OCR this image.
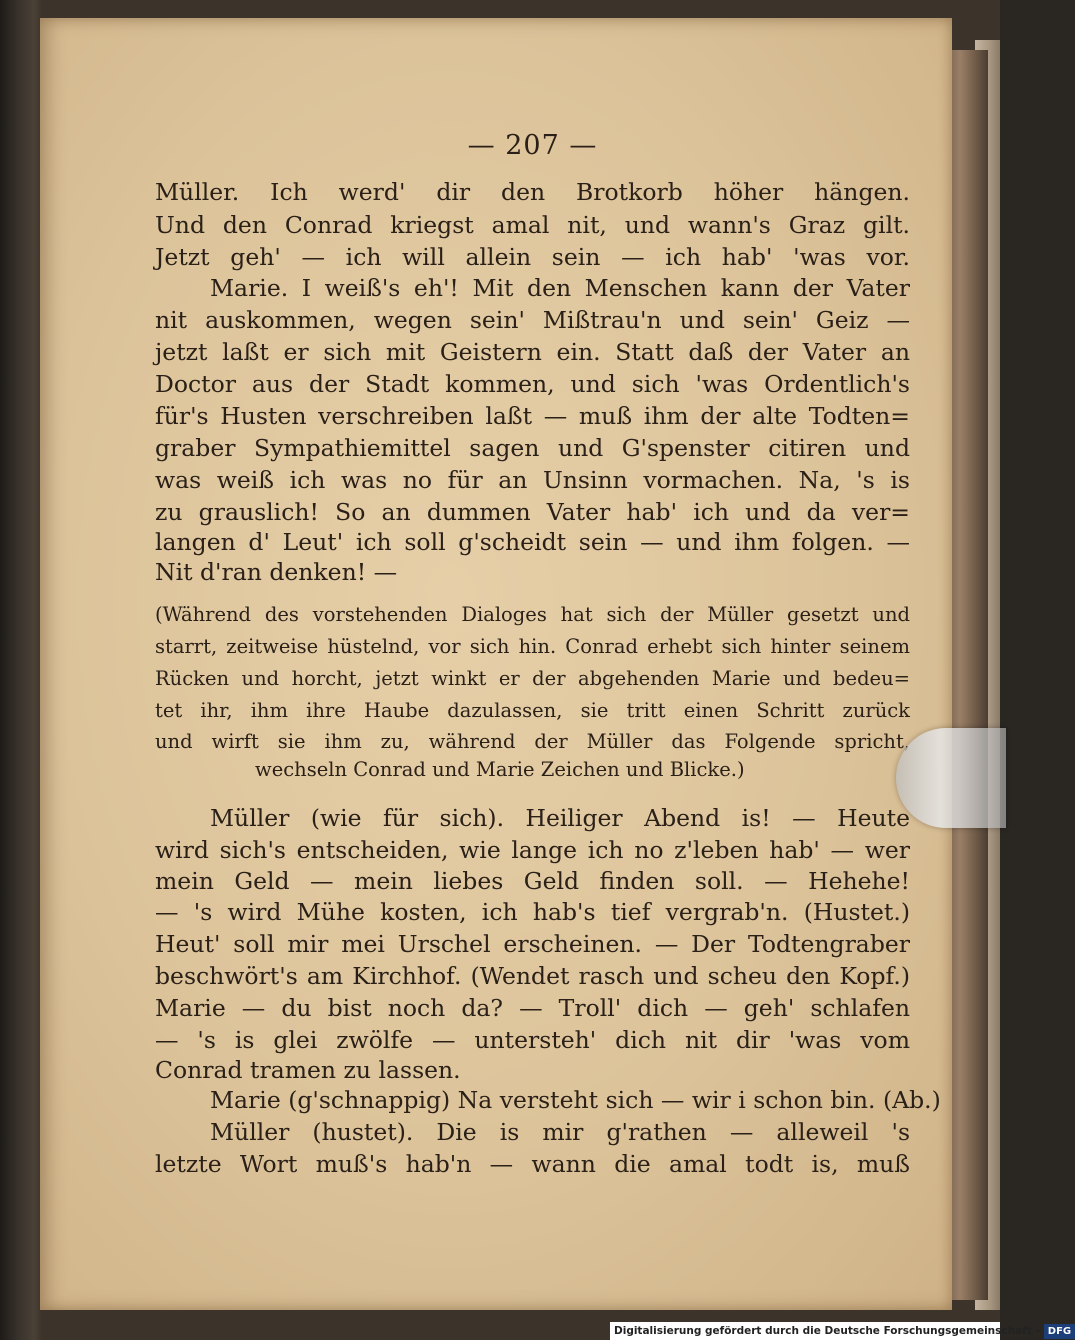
— 207 —
Müller. Ich werd' dir den Brotkorb höher hängen.
Und den Conrad kriegst amal nit, und wann's Graz gilt.
Jetzt geh' — ich will allein sein — ich hab' 'was vor.
Marie. I weiß's eh'! Mit den Menschen kann der Vater
nit auskommen, wegen sein' Mißtrau'n und sein' Geiz —
jetzt laßt er sich mit Geistern ein. Statt daß der Vater an
Doctor aus der Stadt kommen, und sich 'was Ordentlich's
für's Husten verschreiben laßt — muß ihm der alte Todten=
graber Sympathiemittel sagen und G'spenster citiren und
was weiß ich was no für an Unsinn vormachen. Na, 's is
zu grauslich! So an dummen Vater hab' ich und da ver=
langen d' Leut' ich soll g'scheidt sein — und ihm folgen. —
Nit d'ran denken! —
(Während des vorstehenden Dialoges hat sich der Müller gesetzt und
starrt, zeitweise hüstelnd, vor sich hin. Conrad erhebt sich hinter seinem
Rücken und horcht, jetzt winkt er der abgehenden Marie und bedeu=
tet ihr, ihm ihre Haube dazulassen, sie tritt einen Schritt zurück
und wirft sie ihm zu, während der Müller das Folgende spricht,
wechseln Conrad und Marie Zeichen und Blicke.)
Müller (wie für sich). Heiliger Abend is! — Heute
wird sich's entscheiden, wie lange ich no z'leben hab' — wer
mein Geld — mein liebes Geld finden soll. — Hehehe!
— 's wird Mühe kosten, ich hab's tief vergrab'n. (Hustet.)
Heut' soll mir mei Urschel erscheinen. — Der Todtengraber
beschwört's am Kirchhof. (Wendet rasch und scheu den Kopf.)
Marie — du bist noch da? — Troll' dich — geh' schlafen
— 's is glei zwölfe — untersteh' dich nit dir 'was vom
Conrad tramen zu lassen.
Marie (g'schnappig) Na versteht sich — wir i schon bin. (Ab.)
Müller (hustet). Die is mir g'rathen — alleweil 's
letzte Wort muß's hab'n — wann die amal todt is, muß
Digitalisierung gefördert durch die Deutsche Forschungsgemeinschaft - DFG
